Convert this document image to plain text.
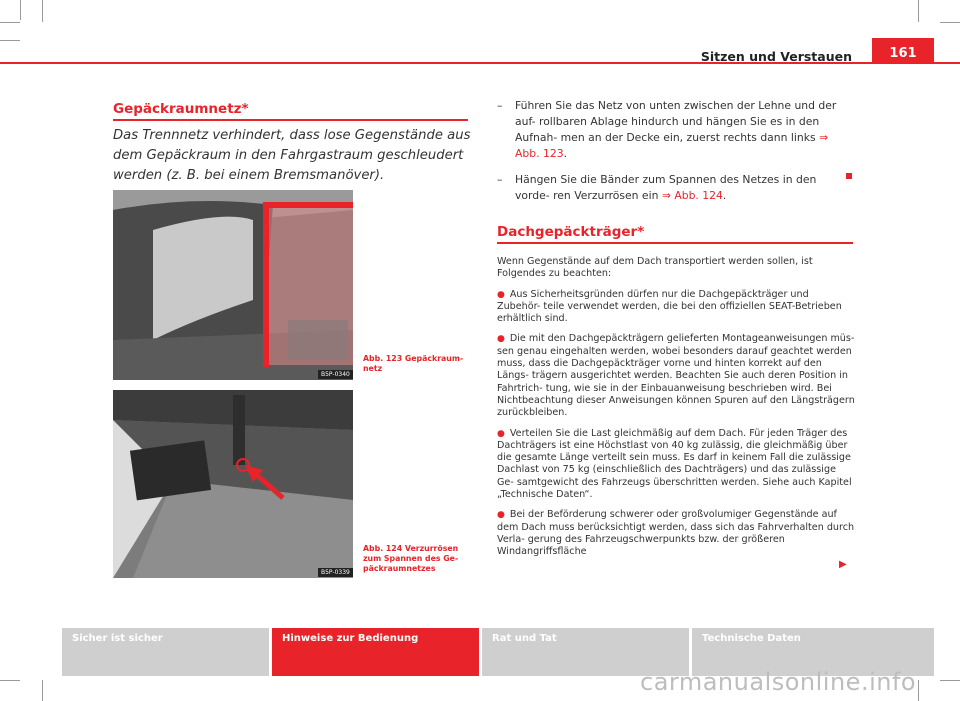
Sitzen und Verstauen	161
Gepäckraumnetz*
Das Trennnetz verhindert, dass lose Gegenstände aus dem Gepäckraum in den Fahrgastraum geschleudert werden (z. B. bei einem Bremsmanöver).
B5P-0340
Abb. 123 Gepäckraum-
netz
B5P-0339
Abb. 124 Verzurrösen
zum Spannen des Ge-
päckraumnetzes
– Führen Sie das Netz von unten zwischen der Lehne und der auf- rollbaren Ablage hindurch und hängen Sie es in den Aufnah- men an der Decke ein, zuerst rechts dann links ⇒ Abb. 123.
– Hängen Sie die Bänder zum Spannen des Netzes in den vorde- ren Verzurrösen ein ⇒ Abb. 124.
Dachgepäckträger*

Wenn Gegenstände auf dem Dach transportiert werden sollen, ist Folgendes zu beachten:

● Aus Sicherheitsgründen dürfen nur die Dachgepäckträger und Zubehör- teile verwendet werden, die bei den offiziellen SEAT-Betrieben erhältlich sind.

● Die mit den Dachgepäckträgern gelieferten Montageanweisungen müs- sen genau eingehalten werden, wobei besonders darauf geachtet werden muss, dass die Dachgepäckträger vorne und hinten korrekt auf den Längs- trägern ausgerichtet werden. Beachten Sie auch deren Position in Fahrtrich- tung, wie sie in der Einbauanweisung beschrieben wird. Bei Nichtbeachtung dieser Anweisungen können Spuren auf den Längsträgern zurückbleiben.

● Verteilen Sie die Last gleichmäßig auf dem Dach. Für jeden Träger des Dachträgers ist eine Höchstlast von 40 kg zulässig, die gleichmäßig über die gesamte Länge verteilt sein muss. Es darf in keinem Fall die zulässige Dachlast von 75 kg (einschließlich des Dachträgers) und das zulässige Ge- samtgewicht des Fahrzeugs überschritten werden. Siehe auch Kapitel „Technische Daten“.

● Bei der Beförderung schwerer oder großvolumiger Gegenstände auf dem Dach muss berücksichtigt werden, dass sich das Fahrverhalten durch Verla- gerung des Fahrzeugschwerpunkts bzw. der größeren Windangriffsfläche

▶
Sicher ist sicher	Hinweise zur Bedienung	Rat und Tat	Technische Daten
carmanualsonline.info
